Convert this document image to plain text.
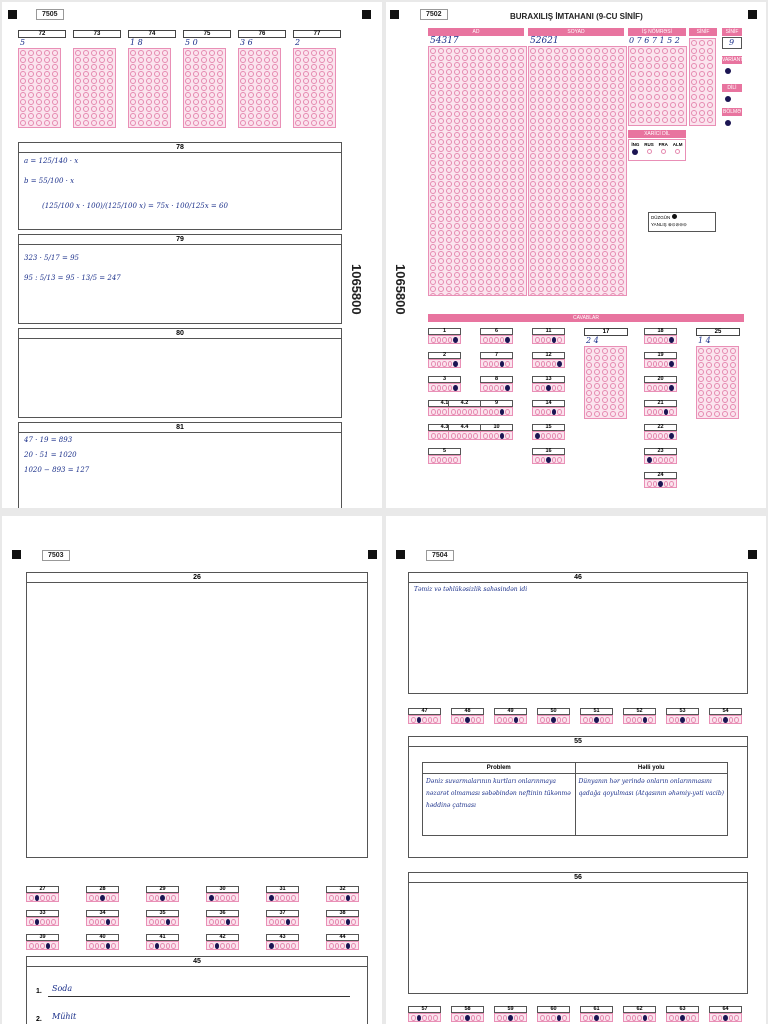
7505
72
5
73	74
1 8
75
5 0
76
3 6
77
2
78
a = 125/140 · x
b = 55/100 · x
(125/100 x · 100)/(125/100 x) = 75x · 100/125x = 60
79
323 · 5/17 = 95
95 : 5/13 = 95 · 13/5 = 247
80
81
47 · 19 = 893
20 · 51 = 1020
1020 − 893 = 127
1065800
7502	BURAXILIŞ İMTAHANI (9-CU SİNİF)
AD
54317
SOYAD
52621
İŞ NÖMRƏSİ
0 7 6 7 1 5 2
SİNİF	SİNİF
9
VARİANT
DİLİ
BÖLMƏ
XARİCİ DİL
İNG RUS FRA ALM
DÜZGÜN
YANLIŞ ⊗⊙⊘⊖⊝
CAVABLAR
1
2
3
4.1	4.2
4.3	4.4
5
6
7
8
9
10
11
12
13
14
15
16
18
19
20
21
22
23
24
17
2 4
25
1 4
1065800
7503
26
27	28	29	30	31	32
33	34	35	36	37	38
39	40	41	42	43	44
45
1. Soda
2. Mühit
7504
46
Təmiz və təhlükəsizlik sahəsindən idi
47	48	49	50	51	52	53	54
55
Problem	Həlli yolu
Dəniz suvarmalarının kurtları onlarınmaya nəzarət olmaması səbəbindən neftinin tükənmə həddinə çatması	Dünyanın hər yerində onların onlarınmasını qadağa qoyulması (Atqasının əhəmiy-yəti vacib)
56
57	58	59	60	61	62	63	64
